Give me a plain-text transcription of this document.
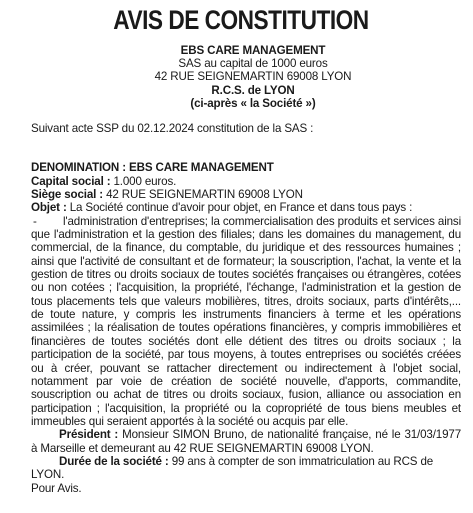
AVIS DE CONSTITUTION
EBS CARE MANAGEMENT
SAS au capital de 1000 euros
42 RUE SEIGNEMARTIN 69008 LYON
R.C.S. de LYON
(ci-après « la Société »)

Suivant acte SSP du 02.12.2024 constitution de la SAS :

DENOMINATION : EBS CARE MANAGEMENT

Capital social : 1.000 euros.

Siège social : 42 RUE SEIGNEMARTIN 69008 LYON

Objet : La Société continue d'avoir pour objet, en France et dans tous pays :

- l'administration d'entreprises; la commercialisation des produits et services ainsi que l'administration et la gestion des filiales; dans les domaines du management, du commercial, de la finance, du comptable, du juridique et des ressources humaines ; ainsi que l'activité de consultant et de formateur; la souscription, l'achat, la vente et la gestion de titres ou droits sociaux de toutes sociétés françaises ou étrangères, cotées ou non cotées ; l'acquisition, la propriété, l'échange, l'administration et la gestion de tous placements tels que valeurs mobilières, titres, droits sociaux, parts d'intérêts,... de toute nature, y compris les instruments financiers à terme et les opérations assimilées ; la réalisation de toutes opérations financières, y compris immobilières et financières de toutes sociétés dont elle détient des titres ou droits sociaux ; la participation de la société, par tous moyens, à toutes entreprises ou sociétés créées ou à créer, pouvant se rattacher directement ou indirectement à l'objet social, notamment par voie de création de société nouvelle, d'apports, commandite, souscription ou achat de titres ou droits sociaux, fusion, alliance ou association en participation ; l'acquisition, la propriété ou la copropriété de tous biens meubles et immeubles qui seraient apportés à la société ou acquis par elle.

Président : Monsieur SIMON Bruno, de nationalité française, né le 31/03/1977 à Marseille et demeurant au 42 RUE SEIGNEMARTIN 69008 LYON.

Durée de la société : 99 ans à compter de son immatriculation au RCS de LYON.

Pour Avis.
